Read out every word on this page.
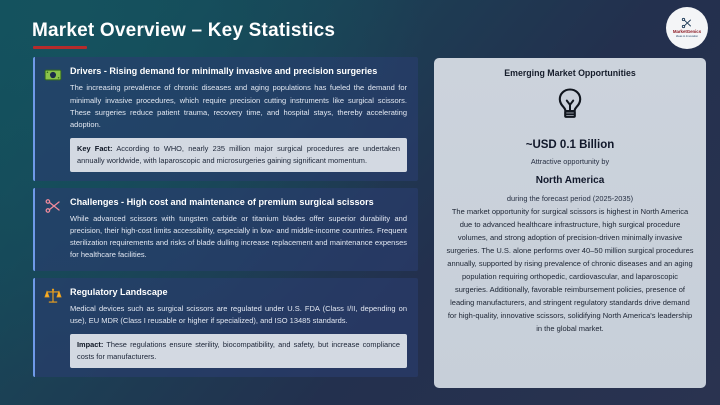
Market Overview – Key Statistics	MarketGenics
Ideas to Innovation
Drivers - Rising demand for minimally invasive and precision surgeries
The increasing prevalence of chronic diseases and aging populations has fueled the demand for minimally invasive procedures, which require precision cutting instruments like surgical scissors. These surgeries reduce patient trauma, recovery time, and hospital stays, thereby accelerating adoption.
Key Fact: According to WHO, nearly 235 million major surgical procedures are undertaken annually worldwide, with laparoscopic and microsurgeries gaining significant momentum.
Challenges - High cost and maintenance of premium surgical scissors
While advanced scissors with tungsten carbide or titanium blades offer superior durability and precision, their high-cost limits accessibility, especially in low- and middle-income countries. Frequent sterilization requirements and risks of blade dulling increase replacement and maintenance expenses for healthcare facilities.
Regulatory Landscape
Medical devices such as surgical scissors are regulated under U.S. FDA (Class I/II, depending on use), EU MDR (Class I reusable or higher if specialized), and ISO 13485 standards.
Impact: These regulations ensure sterility, biocompatibility, and safety, but increase compliance costs for manufacturers.
Emerging Market Opportunities
~USD 0.1 Billion
Attractive opportunity by
North America
during the forecast period (2025-2035)
The market opportunity for surgical scissors is highest in North America due to advanced healthcare infrastructure, high surgical procedure volumes, and strong adoption of precision-driven minimally invasive surgeries. The U.S. alone performs over 40–50 million surgical procedures annually, supported by rising prevalence of chronic diseases and an aging population requiring orthopedic, cardiovascular, and laparoscopic surgeries. Additionally, favorable reimbursement policies, presence of leading manufacturers, and stringent regulatory standards drive demand for high-quality, innovative scissors, solidifying North America's leadership in the global market.
